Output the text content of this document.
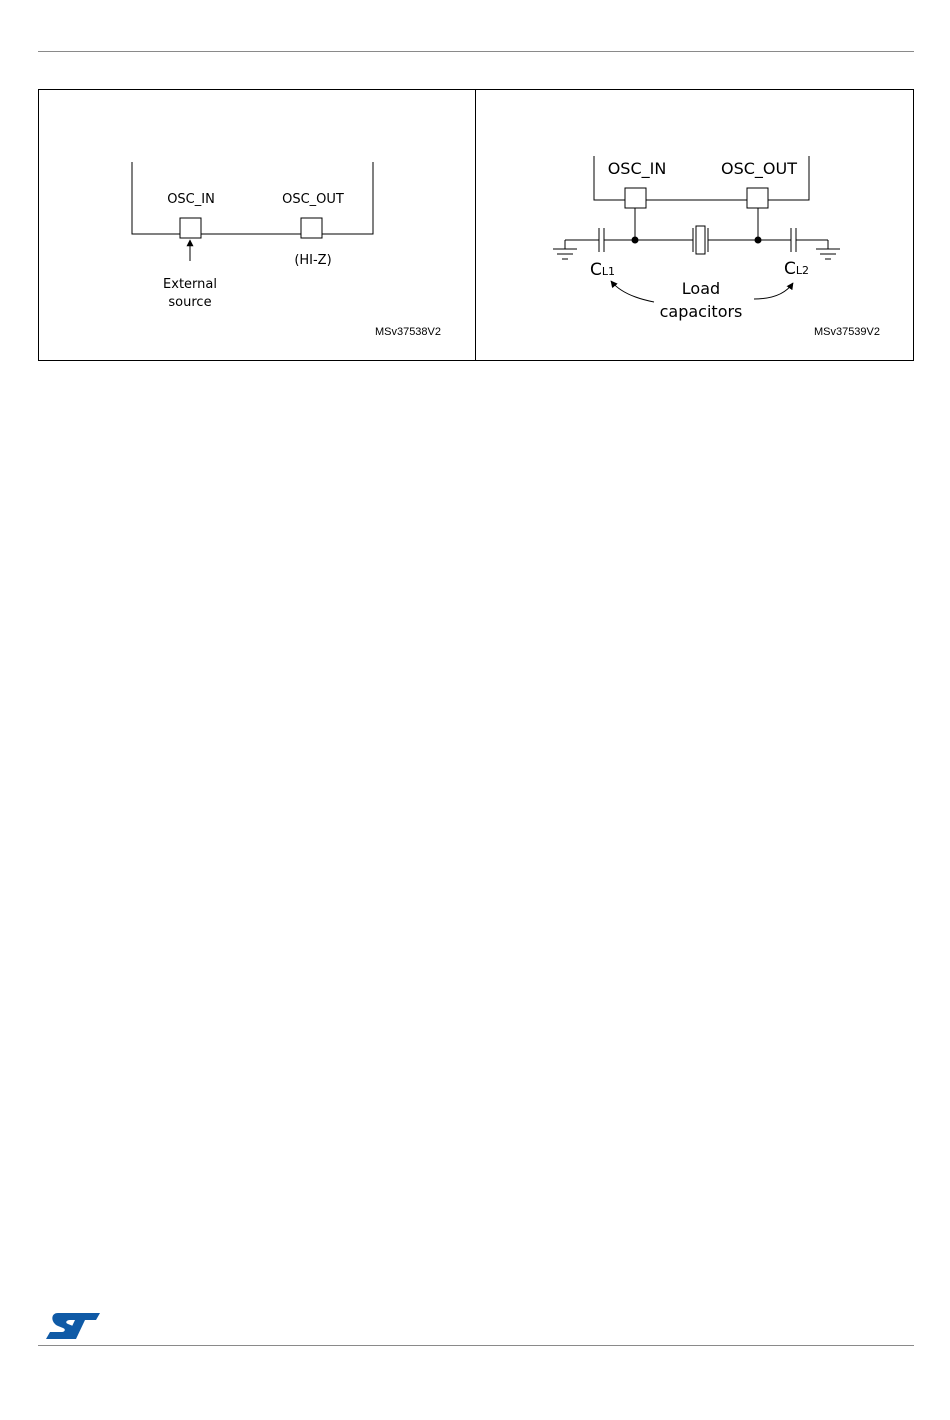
OSC_IN	OSC_OUT
(HI-Z)
External
source
MSv37538V2
OSC_IN	OSC_OUT
CL1	CL2
Load
capacitors
MSv37539V2
